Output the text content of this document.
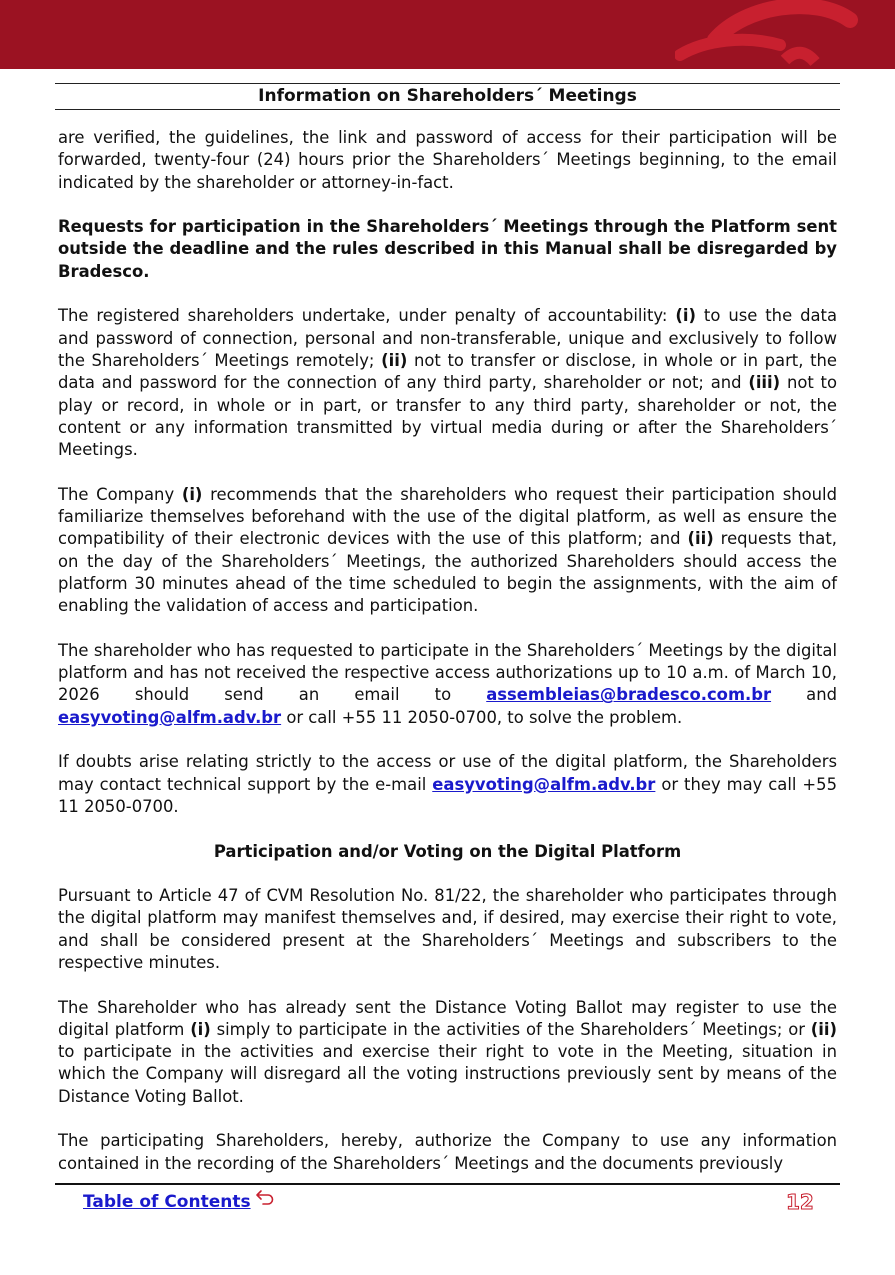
Information on Shareholders´ Meetings

are verified, the guidelines, the link and password of access for their participation will be forwarded, twenty-four (24) hours prior the Shareholders´ Meetings beginning, to the email indicated by the shareholder or attorney-in-fact.

Requests for participation in the Shareholders´ Meetings through the Platform sent outside the deadline and the rules described in this Manual shall be disregarded by Bradesco.

The registered shareholders undertake, under penalty of accountability: (i) to use the data and password of connection, personal and non-transferable, unique and exclusively to follow the Shareholders´ Meetings remotely; (ii) not to transfer or disclose, in whole or in part, the data and password for the connection of any third party, shareholder or not; and (iii) not to play or record, in whole or in part, or transfer to any third party, shareholder or not, the content or any information transmitted by virtual media during or after the Shareholders´ Meetings.

The Company (i) recommends that the shareholders who request their participation should familiarize themselves beforehand with the use of the digital platform, as well as ensure the compatibility of their electronic devices with the use of this platform; and (ii) requests that, on the day of the Shareholders´ Meetings, the authorized Shareholders should access the platform 30 minutes ahead of the time scheduled to begin the assignments, with the aim of enabling the validation of access and participation.

The shareholder who has requested to participate in the Shareholders´ Meetings by the digital platform and has not received the respective access authorizations up to 10 a.m. of March 10, 2026 should send an email to assembleias@bradesco.com.br and easyvoting@alfm.adv.br or call +55 11 2050-0700, to solve the problem.

If doubts arise relating strictly to the access or use of the digital platform, the Shareholders may contact technical support by the e-mail easyvoting@alfm.adv.br or they may call +55 11 2050-0700.

Participation and/or Voting on the Digital Platform

Pursuant to Article 47 of CVM Resolution No. 81/22, the shareholder who participates through the digital platform may manifest themselves and, if desired, may exercise their right to vote, and shall be considered present at the Shareholders´ Meetings and subscribers to the respective minutes.

The Shareholder who has already sent the Distance Voting Ballot may register to use the digital platform (i) simply to participate in the activities of the Shareholders´ Meetings; or (ii) to participate in the activities and exercise their right to vote in the Meeting, situation in which the Company will disregard all the voting instructions previously sent by means of the Distance Voting Ballot.

The participating Shareholders, hereby, authorize the Company to use any information contained in the recording of the Shareholders´ Meetings and the documents previously

Table of Contents	12
